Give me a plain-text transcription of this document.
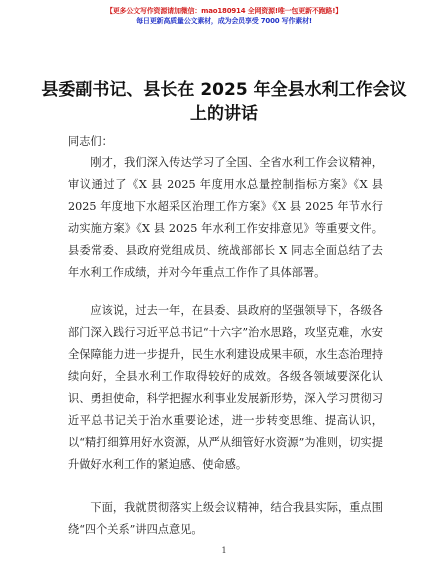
【更多公文写作资源请加微信：mao180914 全网资源!唯一包更新不跑路!】
每日更新高质量公文素材，成为会员享受 7000 写作素材!
县委副书记、县长在 2025 年全县水利工作会议上的讲话
同志们：

刚才，我们深入传达学习了全国、全省水利工作会议精神，审议通过了《X 县 2025 年度用水总量控制指标方案》《X 县 2025 年度地下水超采区治理工作方案》《X 县 2025 年节水行动实施方案》《X 县 2025 年水利工作安排意见》等重要文件。县委常委、县政府党组成员、统战部部长 X 同志全面总结了去年水利工作成绩，并对今年重点工作作了具体部署。

应该说，过去一年，在县委、县政府的坚强领导下，各级各部门深入践行习近平总书记“十六字”治水思路，攻坚克难，水安全保障能力进一步提升，民生水利建设成果丰硕，水生态治理持续向好，全县水利工作取得较好的成效。各级各领域要深化认识、勇担使命，科学把握水利事业发展新形势，深入学习贯彻习近平总书记关于治水重要论述，进一步转变思维、提高认识，以“精打细算用好水资源，从严从细管好水资源”为准则，切实提升做好水利工作的紧迫感、使命感。

下面，我就贯彻落实上级会议精神，结合我县实际，重点围绕“四个关系”讲四点意见。

1
